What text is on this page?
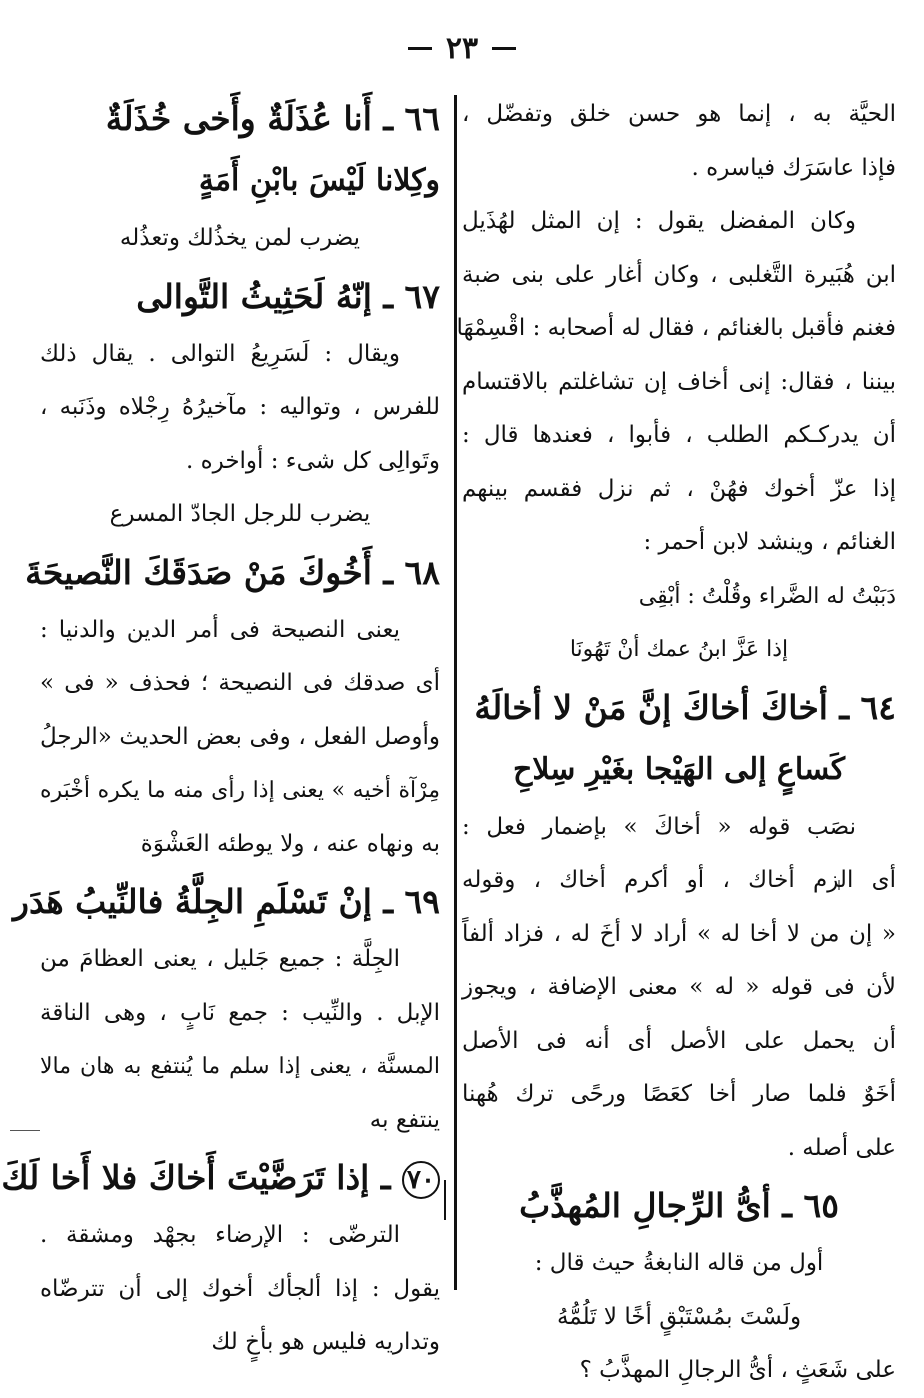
٢٣
الحيَّة به ، إنما هو حسن خلق وتفضّل ،
فإذا عاسَرَك فياسره .
وكان المفضل يقول : إن المثل لهُذَيل
ابن هُبَيرة التَّغلبى ، وكان أغار على بنى ضبة
فغنم فأقبل بالغنائم ، فقال له أصحابه : اقْسِمْهَا
بيننا ، فقال: إنى أخاف إن تشاغلتم بالاقتسام
أن يدركـكم الطلب ، فأبوا ، فعندها قال :
إذا عزّ أخوك فهُنْ ، ثم نزل فقسم بينهم
الغنائم ، وينشد لابن أحمر :
دَبَبْتُ له الضَّراء وقُلْتُ : أبْقِى
إذا عَزَّ ابنُ عمك أنْ تَهُونَا
٦٤ ـ أخاكَ أخاكَ إنَّ مَنْ لا أخالَهُ
كَساعٍ إلى الهَيْجا بغَيْرِ سِلاحِ
نصَب قوله « أخاكَ » بإضمار فعل :
أى الزم أخاك ، أو أكرم أخاك ، وقوله
« إن من لا أخا له » أراد لا أخَ له ، فزاد ألفاً
لأن فى قوله « له » معنى الإضافة ، ويجوز
أن يحمل على الأصل أى أنه فى الأصل
أخَوٌ فلما صار أخا كعَصًا ورحًى ترك هُهنا
على أصله .
٦٥ ـ أىُّ الرِّجالِ المُهذَّبُ
أول من قاله النابغةُ حيث قال :
ولَسْتَ بمُسْتَبْقٍ أخًا لا تَلُمُّهُ
على شَعَثٍ ، أىُّ الرجالِ المهذَّبُ ؟
٦٦ ـ أَنا عُذَلَةٌ وأَخى خُذَلَةٌ
وكِلانا لَيْسَ بابْنِ أَمَةٍ
يضرب لمن يخذُلك وتعذُله
٦٧ ـ إنّهُ لَحَثِيثُ التَّوالى
ويقال : لَسَرِيعُ التوالى . يقال ذلك
للفرس ، وتواليه : مآخيرُهُ رِجْلاه وذَنَبه ،
وتَوالِى كل شىء : أواخره .
يضرب للرجل الجادّ المسرع
٦٨ ـ أَخُوكَ مَنْ صَدَقَكَ النَّصيحَةَ
يعنى النصيحة فى أمر الدين والدنيا :
أى صدقك فى النصيحة ؛ فحذف « فى »
وأوصل الفعل ، وفى بعض الحديث «الرجلُ
مِرْآة أخيه » يعنى إذا رأى منه ما يكره أخْبَره
به ونهاه عنه ، ولا يوطئه العَشْوَة
٦٩ ـ إنْ تَسْلَمِ الجِلَّةُ فالنِّيبُ هَدَر
الجِلَّة : جميع جَليل ، يعنى العظامَ من
الإبل . والنِّيب : جمع نَابٍ ، وهى الناقة
المسنَّة ، يعنى إذا سلم ما يُنتفع به هان مالا
ينتفع به
٧٠ ـ إذا تَرَضَّيْتَ أَخاكَ فلا أَخا لَكَ
الترضّى : الإرضاء بجهْد ومشقة .
يقول : إذا ألجأك أخوك إلى أن تترضّاه
وتداريه فليس هو بأخٍ لك
